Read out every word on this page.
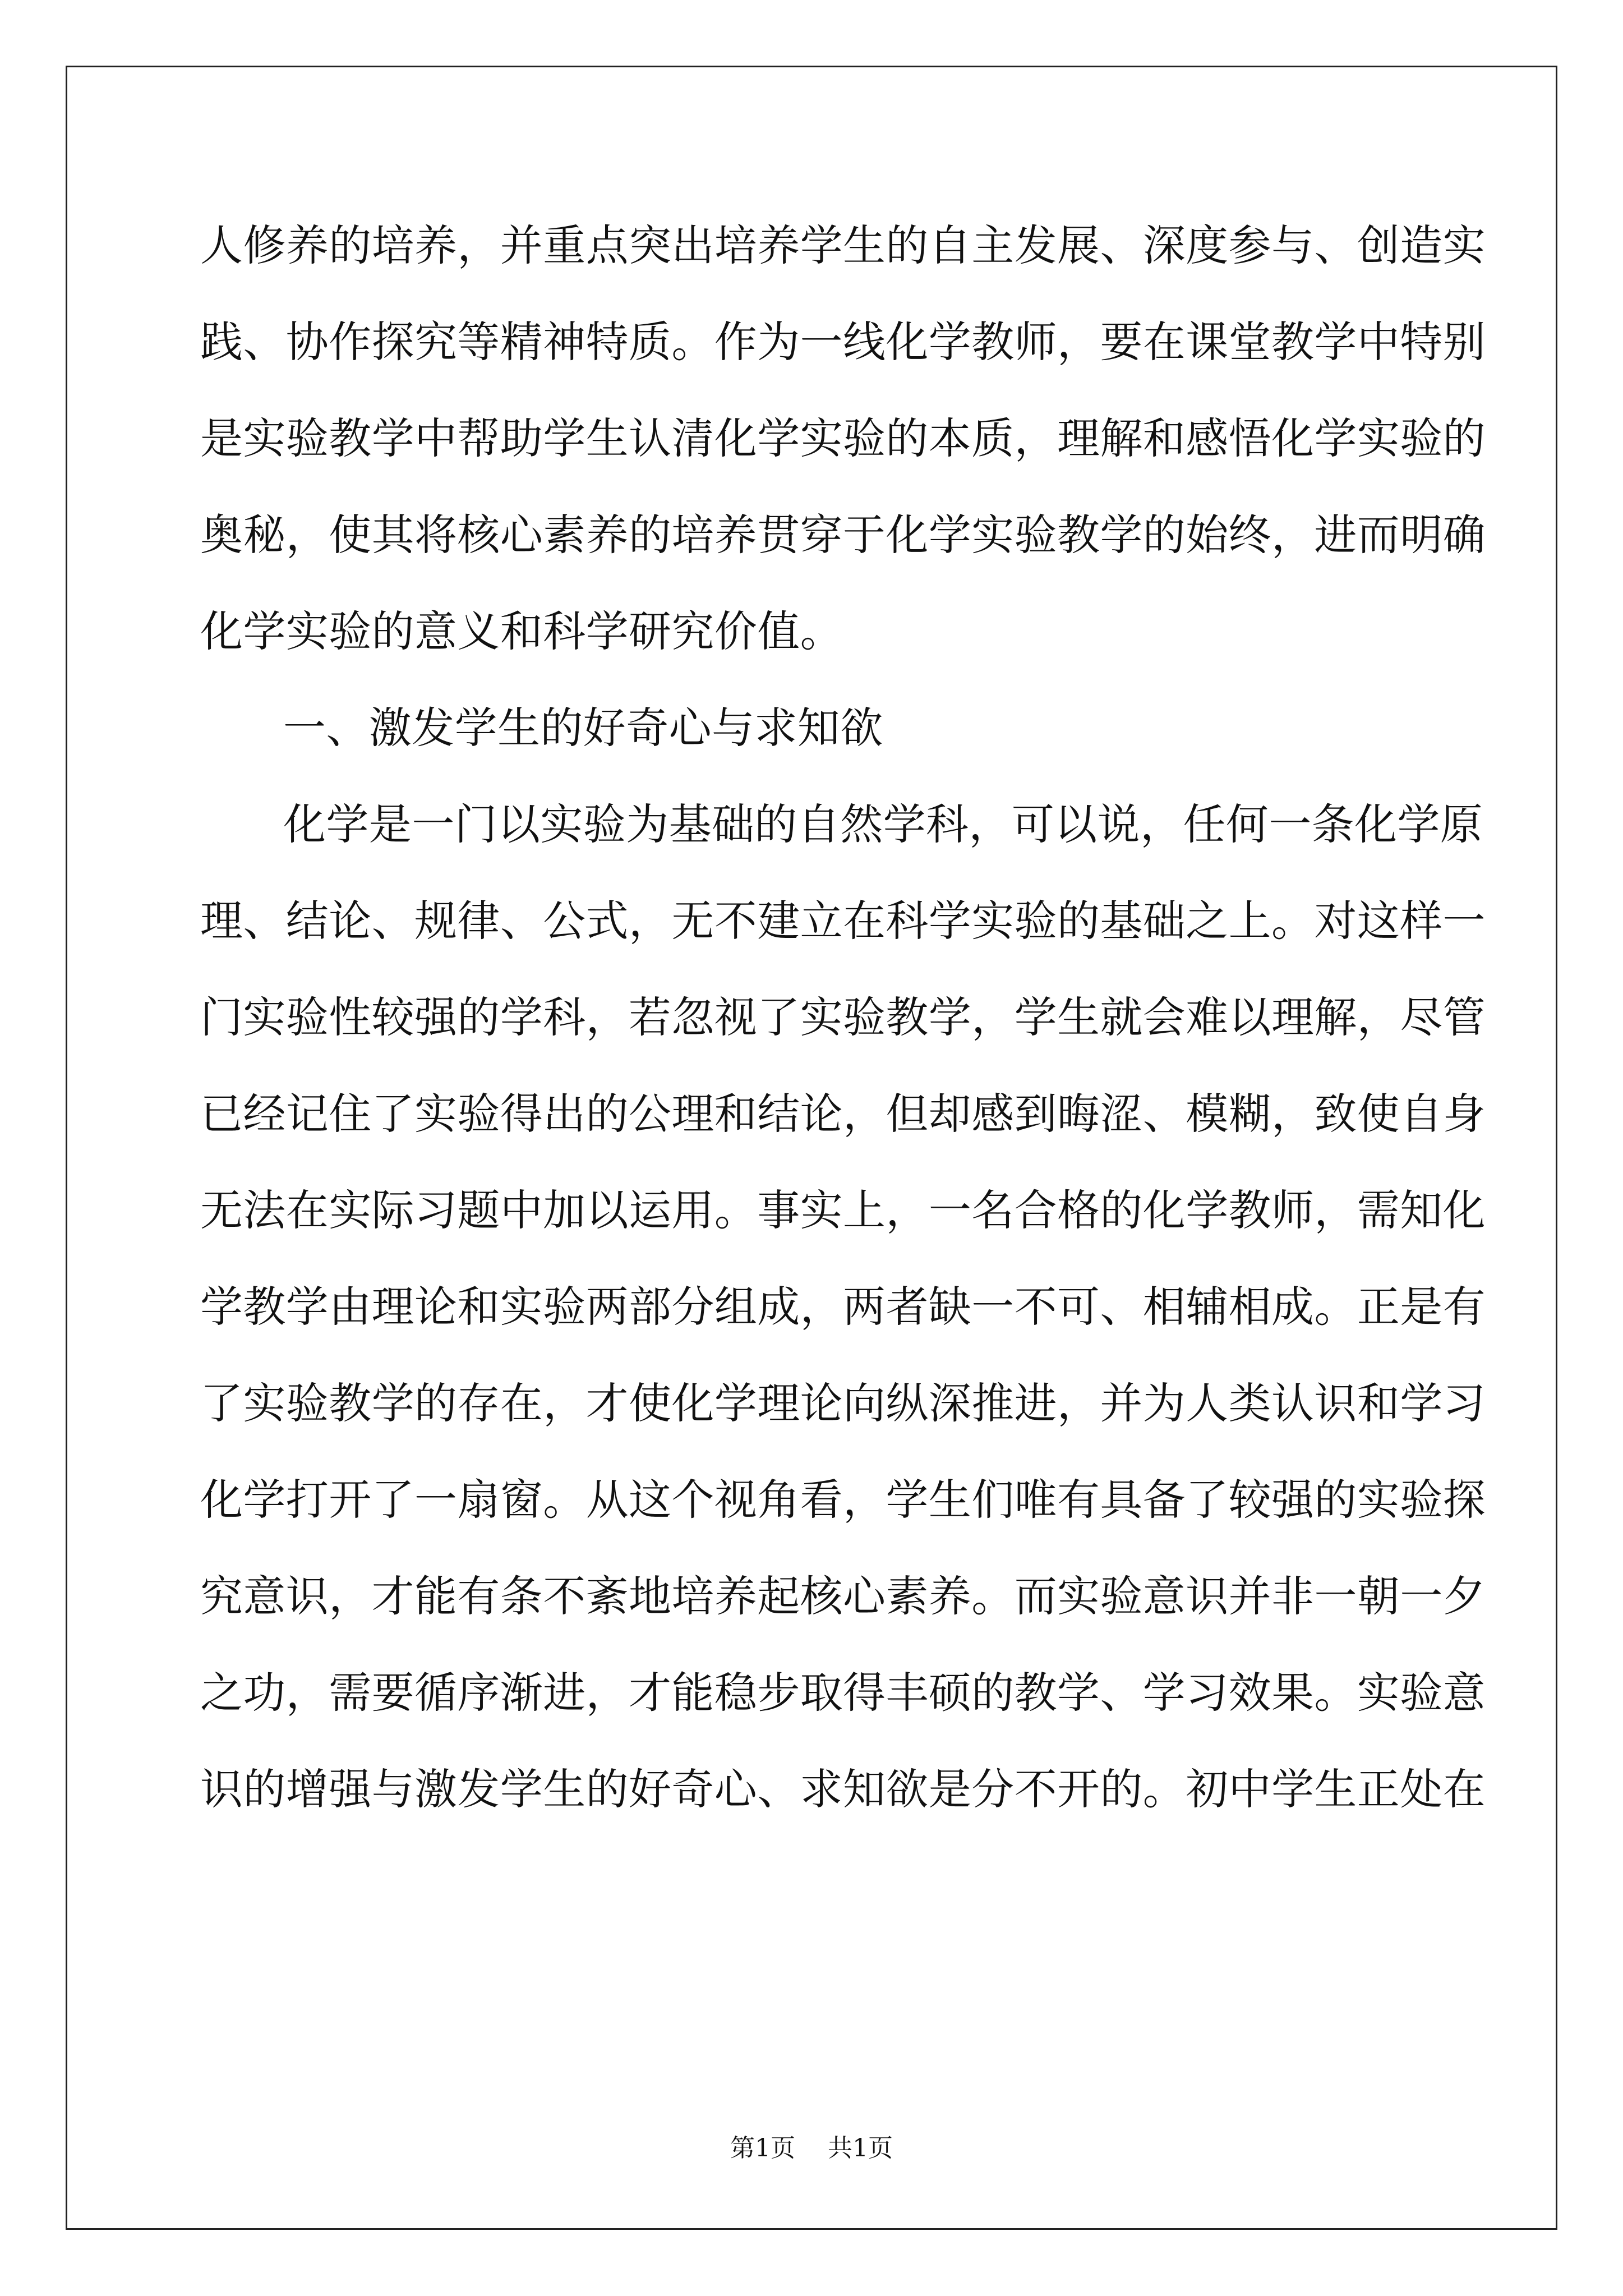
人修养的培养，并重点突出培养学生的自主发展、深度参与、创造实
践、协作探究等精神特质。作为一线化学教师，要在课堂教学中特别
是实验教学中帮助学生认清化学实验的本质，理解和感悟化学实验的
奥秘，使其将核心素养的培养贯穿于化学实验教学的始终，进而明确
化学实验的意义和科学研究价值。
一、激发学生的好奇心与求知欲
化学是一门以实验为基础的自然学科，可以说，任何一条化学原
理、结论、规律、公式，无不建立在科学实验的基础之上。对这样一
门实验性较强的学科，若忽视了实验教学，学生就会难以理解，尽管
已经记住了实验得出的公理和结论，但却感到晦涩、模糊，致使自身
无法在实际习题中加以运用。事实上，一名合格的化学教师，需知化
学教学由理论和实验两部分组成，两者缺一不可、相辅相成。正是有
了实验教学的存在，才使化学理论向纵深推进，并为人类认识和学习
化学打开了一扇窗。从这个视角看，学生们唯有具备了较强的实验探
究意识，才能有条不紊地培养起核心素养。而实验意识并非一朝一夕
之功，需要循序渐进，才能稳步取得丰硕的教学、学习效果。实验意
识的增强与激发学生的好奇心、求知欲是分不开的。初中学生正处在
第1页 共1页
